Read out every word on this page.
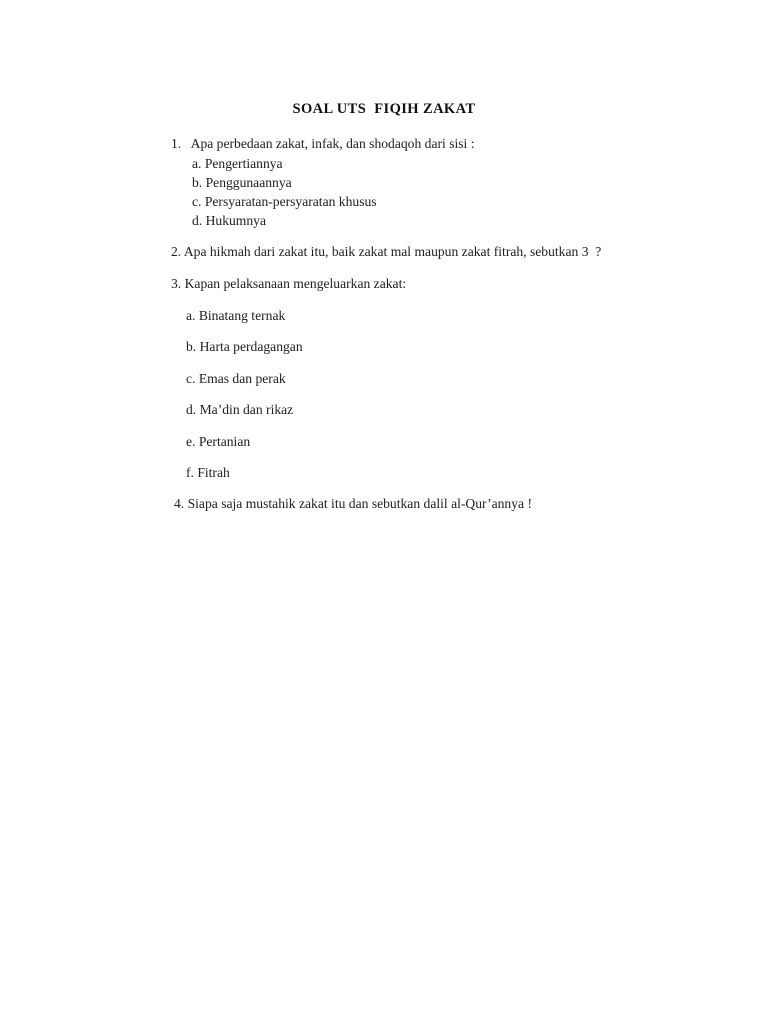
SOAL UTS  FIQIH ZAKAT
1.   Apa perbedaan zakat, infak, dan shodaqoh dari sisi :
a. Pengertiannya
b. Penggunaannya
c. Persyaratan-persyaratan khusus
d. Hukumnya
2. Apa hikmah dari zakat itu, baik zakat mal maupun zakat fitrah, sebutkan 3  ?
3. Kapan pelaksanaan mengeluarkan zakat:
a. Binatang ternak
b. Harta perdagangan
c. Emas dan perak
d. Ma’din dan rikaz
e. Pertanian
f. Fitrah
4. Siapa saja mustahik zakat itu dan sebutkan dalil al-Qur’annya !
